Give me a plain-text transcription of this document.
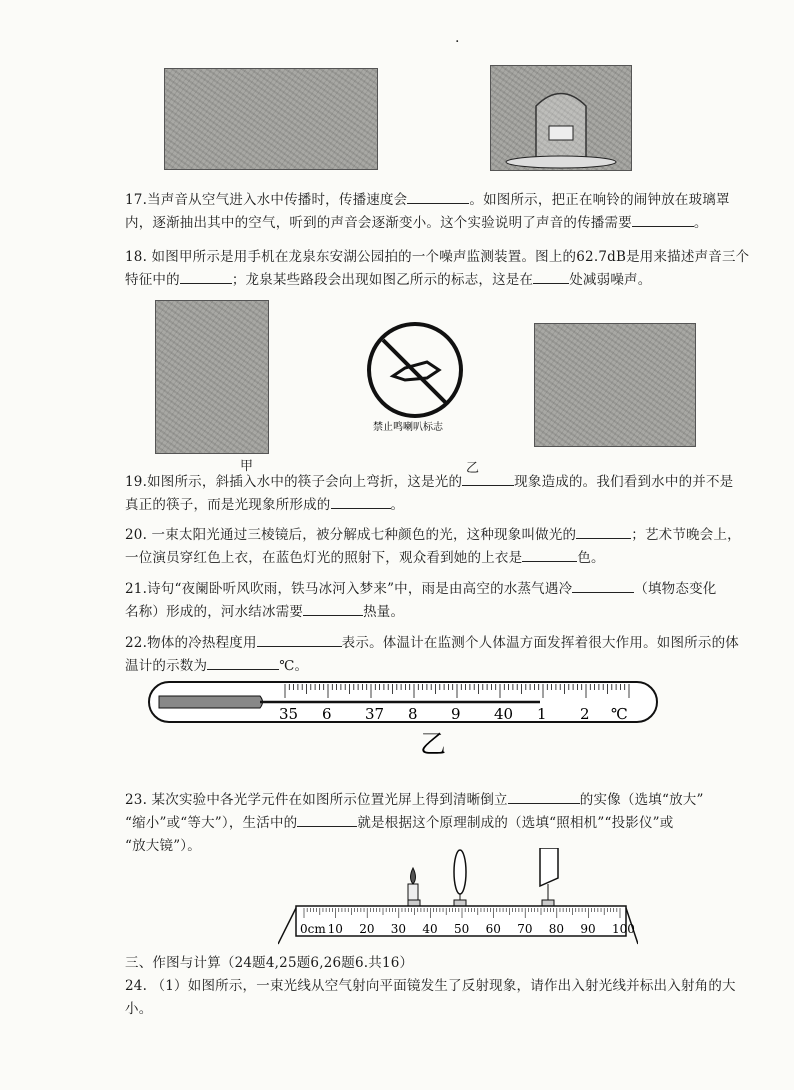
.
17.当声音从空气进入水中传播时，传播速度会	。如图所示，把正在响铃的闹钟放在玻璃罩
内，逐渐抽出其中的空气，听到的声音会逐渐变小。这个实验说明了声音的传播需要	。
18. 如图甲所示是用手机在龙泉东安湖公园拍的一个噪声监测装置。图上的62.7dB是用来描述声音三个
特征中的	；龙泉某些路段会出现如图乙所示的标志，这是在	处减弱噪声。
甲
禁止鸣喇叭标志
乙
19.如图所示，斜插入水中的筷子会向上弯折，这是光的	现象造成的。我们看到水中的并不是
真正的筷子，而是光现象所形成的	。
20. 一束太阳光通过三棱镜后，被分解成七种颜色的光，这种现象叫做光的	；艺术节晚会上，
一位演员穿红色上衣，在蓝色灯光的照射下，观众看到她的上衣是	色。
21.诗句“夜阑卧听风吹雨，铁马冰河入梦来”中，雨是由高空的水蒸气遇冷	（填物态变化
名称）形成的，河水结冰需要	热量。
22.物体的冷热程度用	表示。体温计在监测个人体温方面发挥着很大作用。如图所示的体
温计的示数为	℃。
35 6 37 8 9 40 1 2 ℃
乙
23. 某次实验中各光学元件在如图所示位置光屏上得到清晰倒立	的实像（选填“放大”
“缩小”或“等大”），生活中的	就是根据这个原理制成的（选填“照相机”“投影仪”或
“放大镜”）。
0cm 10 20 30 40 50 60 70 80 90 100
三、作图与计算（24题4,25题6,26题6.共16）
24. （1）如图所示，一束光线从空气射向平面镜发生了反射现象，请作出入射光线并标出入射角的大
小。
